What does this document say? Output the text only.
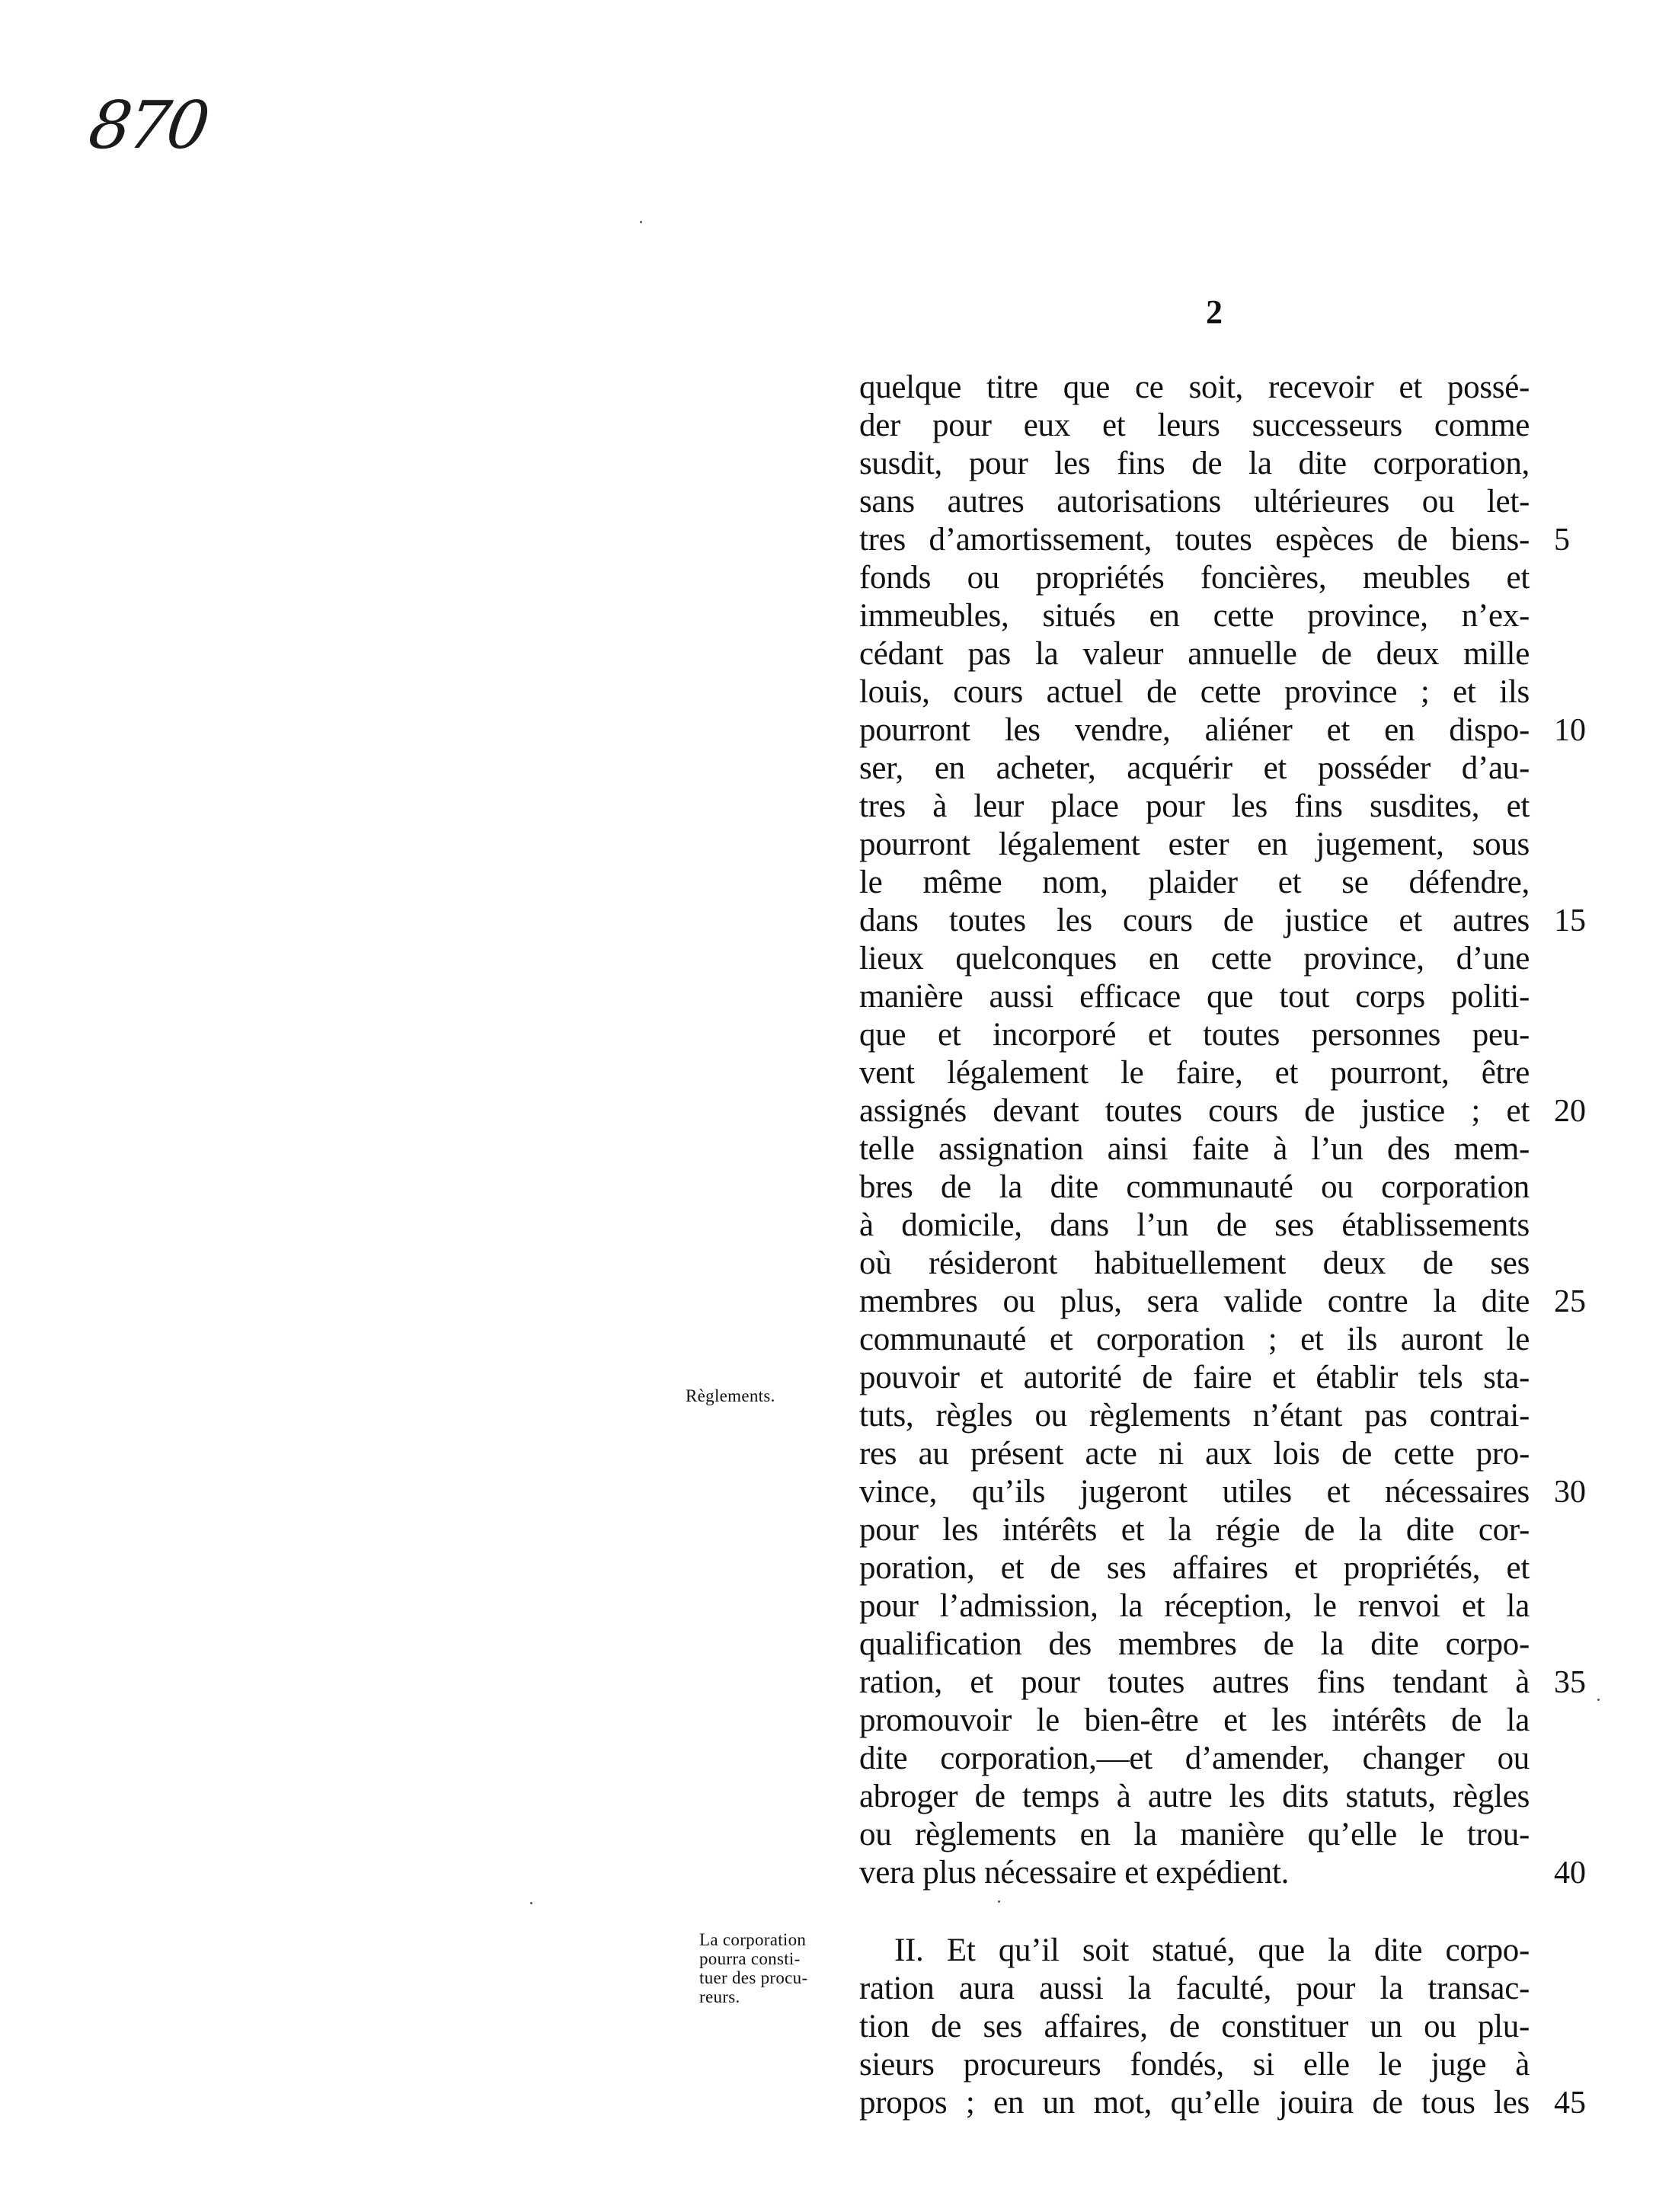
870
2
quelque titre que ce soit, recevoir et possé-
der pour eux et leurs successeurs comme
susdit, pour les fins de la dite corporation,
sans autres autorisations ultérieures ou let-
tres d’amortissement, toutes espèces de biens-
fonds ou propriétés foncières, meubles et
immeubles, situés en cette province, n’ex-
cédant pas la valeur annuelle de deux mille
louis, cours actuel de cette province ; et ils
pourront les vendre, aliéner et en dispo-
ser, en acheter, acquérir et posséder d’au-
tres à leur place pour les fins susdites, et
pourront légalement ester en jugement, sous
le même nom, plaider et se défendre,
dans toutes les cours de justice et autres
lieux quelconques en cette province, d’une
manière aussi efficace que tout corps politi-
que et incorporé et toutes personnes peu-
vent légalement le faire, et pourront, être
assignés devant toutes cours de justice ; et
telle assignation ainsi faite à l’un des mem-
bres de la dite communauté ou corporation
à domicile, dans l’un de ses établissements
où résideront habituellement deux de ses
membres ou plus, sera valide contre la dite
communauté et corporation ; et ils auront le
pouvoir et autorité de faire et établir tels sta-
tuts, règles ou règlements n’étant pas contrai-
res au présent acte ni aux lois de cette pro-
vince, qu’ils jugeront utiles et nécessaires
pour les intérêts et la régie de la dite cor-
poration, et de ses affaires et propriétés, et
pour l’admission, la réception, le renvoi et la
qualification des membres de la dite corpo-
ration, et pour toutes autres fins tendant à
promouvoir le bien-être et les intérêts de la
dite corporation,—et d’amender, changer ou
abroger de temps à autre les dits statuts, règles
ou règlements en la manière qu’elle le trou-
vera plus nécessaire et expédient.
II. Et qu’il soit statué, que la dite corpo-
ration aura aussi la faculté, pour la transac-
tion de ses affaires, de constituer un ou plu-
sieurs procureurs fondés, si elle le juge à
propos ; en un mot, qu’elle jouira de tous les
5
10
15
20
25
30
35
40
45
Règlements.
La corporation
pourra consti-
tuer des procu-
reurs.
